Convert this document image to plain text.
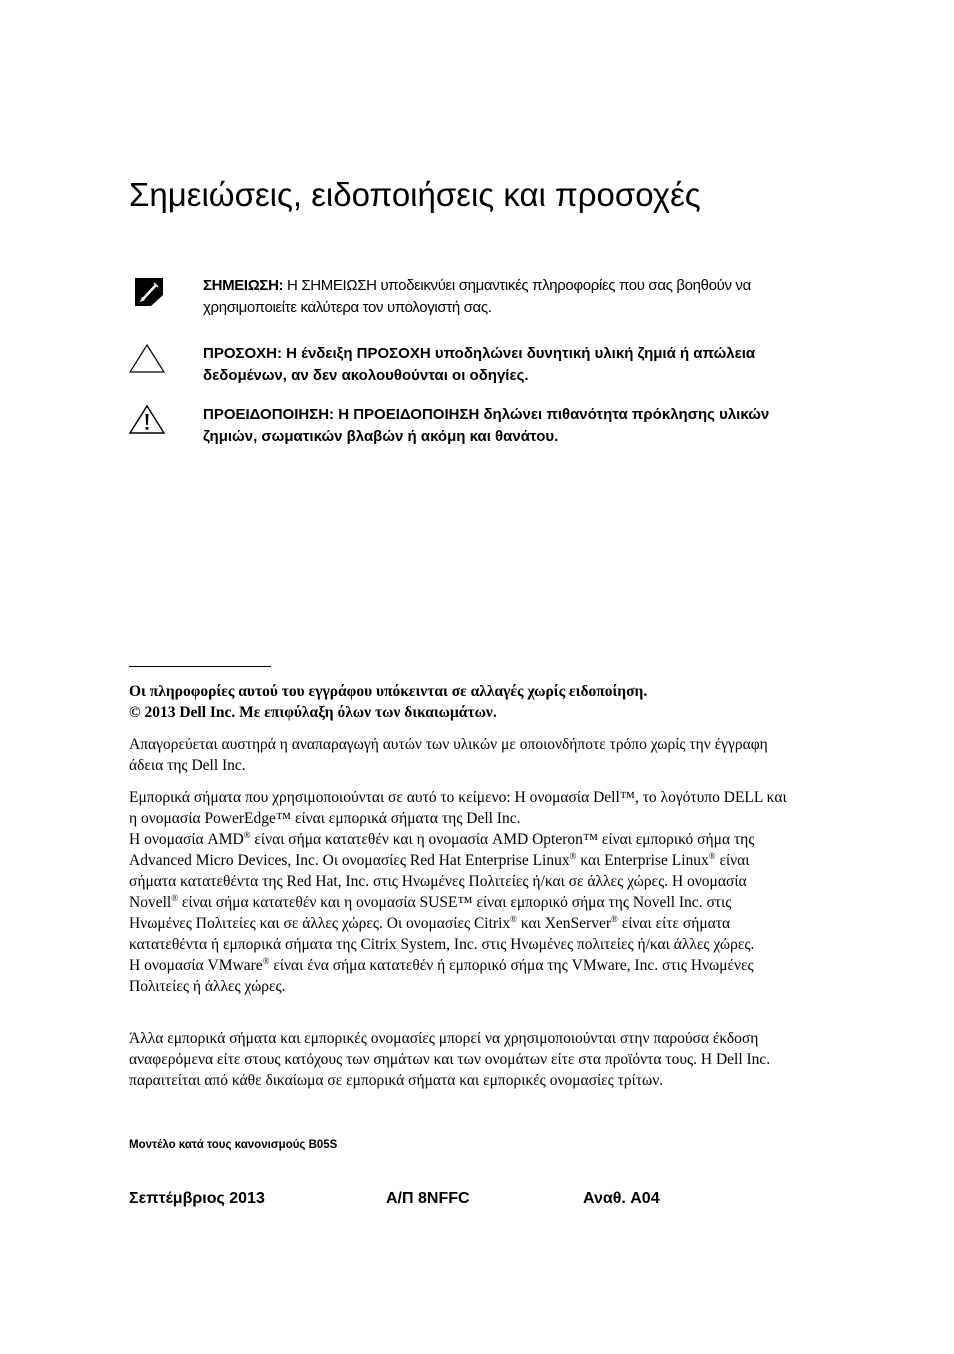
Σημειώσεις, ειδοποιήσεις και προσοχές
ΣΗΜΕΙΩΣΗ: Η ΣΗΜΕΙΩΣΗ υποδεικνύει σημαντικές πληροφορίες που σας βοηθούν να χρησιμοποιείτε καλύτερα τον υπολογιστή σας.
ΠΡΟΣΟΧΗ: Η ένδειξη ΠΡΟΣΟΧΗ υποδηλώνει δυνητική υλική ζημιά ή απώλεια δεδομένων, αν δεν ακολουθούνται οι οδηγίες.
ΠΡΟΕΙΔΟΠΟΙΗΣΗ: Η ΠΡΟΕΙΔΟΠΟΙΗΣΗ δηλώνει πιθανότητα πρόκλησης υλικών ζημιών, σωματικών βλαβών ή ακόμη και θανάτου.
Οι πληροφορίες αυτού του εγγράφου υπόκεινται σε αλλαγές χωρίς ειδοποίηση.
© 2013 Dell Inc. Με επιφύλαξη όλων των δικαιωμάτων.
Απαγορεύεται αυστηρά η αναπαραγωγή αυτών των υλικών με οποιονδήποτε τρόπο χωρίς την έγγραφη άδεια της Dell Inc.
Εμπορικά σήματα που χρησιμοποιούνται σε αυτό το κείμενο: Η ονομασία Dell™, το λογότυπο DELL και η ονομασία PowerEdge™ είναι εμπορικά σήματα της Dell Inc.
Η ονομασία AMD® είναι σήμα κατατεθέν και η ονομασία AMD Opteron™ είναι εμπορικό σήμα της Advanced Micro Devices, Inc. Οι ονομασίες Red Hat Enterprise Linux® και Enterprise Linux® είναι σήματα κατατεθέντα της Red Hat, Inc. στις Ηνωμένες Πολιτείες ή/και σε άλλες χώρες. Η ονομασία Novell® είναι σήμα κατατεθέν και η ονομασία SUSE™ είναι εμπορικό σήμα της Novell Inc. στις Ηνωμένες Πολιτείες και σε άλλες χώρες. Οι ονομασίες Citrix® και XenServer® είναι είτε σήματα κατατεθέντα ή εμπορικά σήματα της Citrix System, Inc. στις Ηνωμένες πολιτείες ή/και άλλες χώρες.
Η ονομασία VMware® είναι ένα σήμα κατατεθέν ή εμπορικό σήμα της VMware, Inc. στις Ηνωμένες Πολιτείες ή άλλες χώρες.
Άλλα εμπορικά σήματα και εμπορικές ονομασίες μπορεί να χρησιμοποιούνται στην παρούσα έκδοση αναφερόμενα είτε στους κατόχους των σημάτων και των ονομάτων είτε στα προϊόντα τους. Η Dell Inc. παραιτείται από κάθε δικαίωμα σε εμπορικά σήματα και εμπορικές ονομασίες τρίτων.
Μοντέλο κατά τους κανονισμούς B05S
Σεπτέμβριος 2013	Α/Π 8NFFC	Αναθ. A04
